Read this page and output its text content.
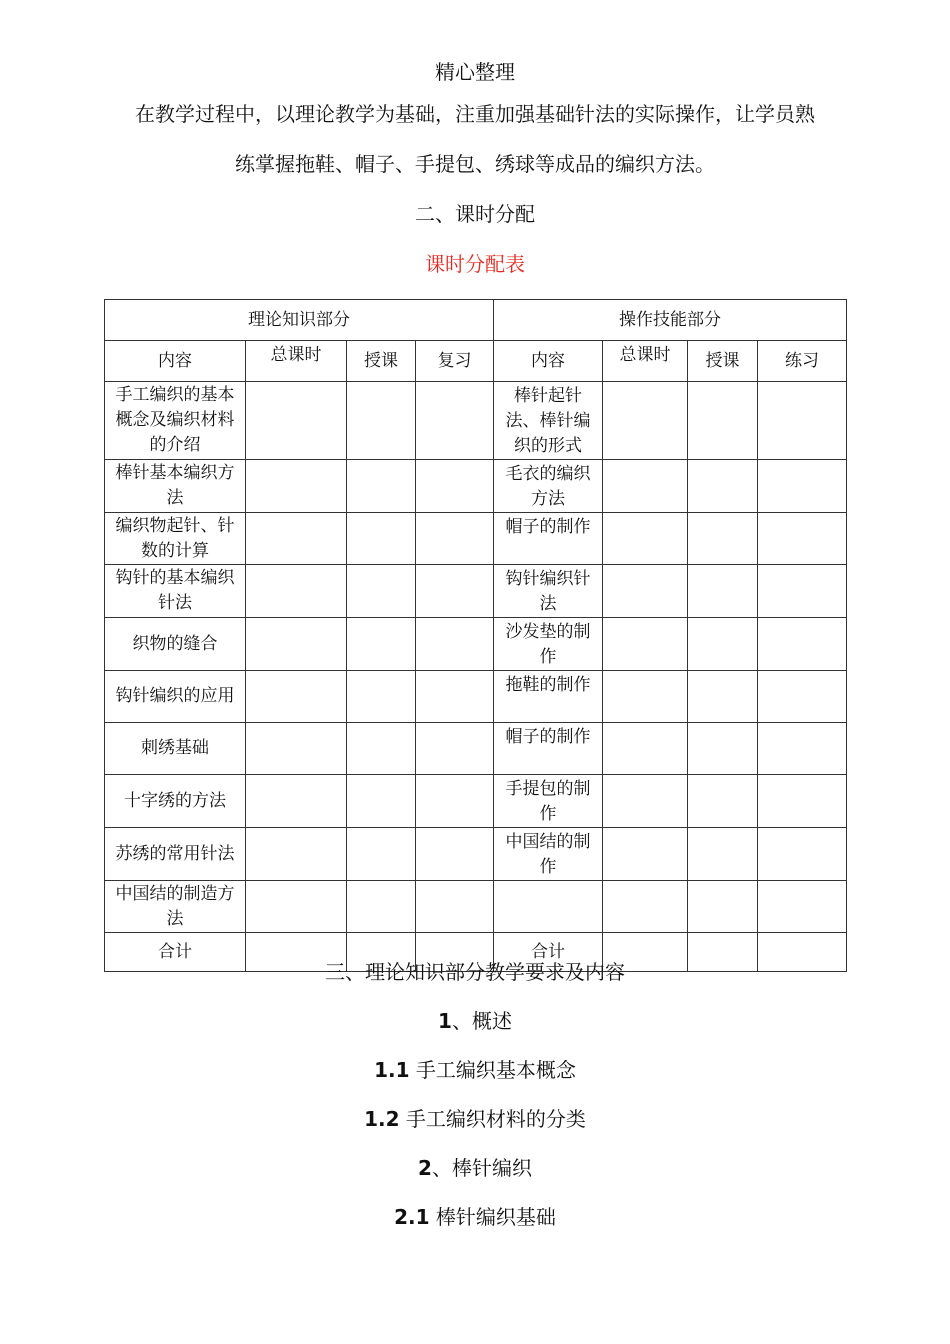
精心整理
在教学过程中，以理论教学为基础，注重加强基础针法的实际操作，让学员熟
练掌握拖鞋、帽子、手提包、绣球等成品的编织方法。
二、课时分配
课时分配表
理论知识部分				操作技能部分			
内容	总课时	授课	复习	内容	总课时	授课	练习
手工编织的基本概念及编织材料的介绍				棒针起针法、棒针编织的形式			
棒针基本编织方法				毛衣的编织方法			
编织物起针、针数的计算				帽子的制作			
钩针的基本编织针法				钩针编织针法			
织物的缝合				沙发垫的制作			
钩针编织的应用				拖鞋的制作			
刺绣基础				帽子的制作			
十字绣的方法				手提包的制作			
苏绣的常用针法				中国结的制作			
中国结的制造方法							
合计				合计			
三、理论知识部分教学要求及内容
1、概述
1.1 手工编织基本概念
1.2 手工编织材料的分类
2、棒针编织
2.1 棒针编织基础
